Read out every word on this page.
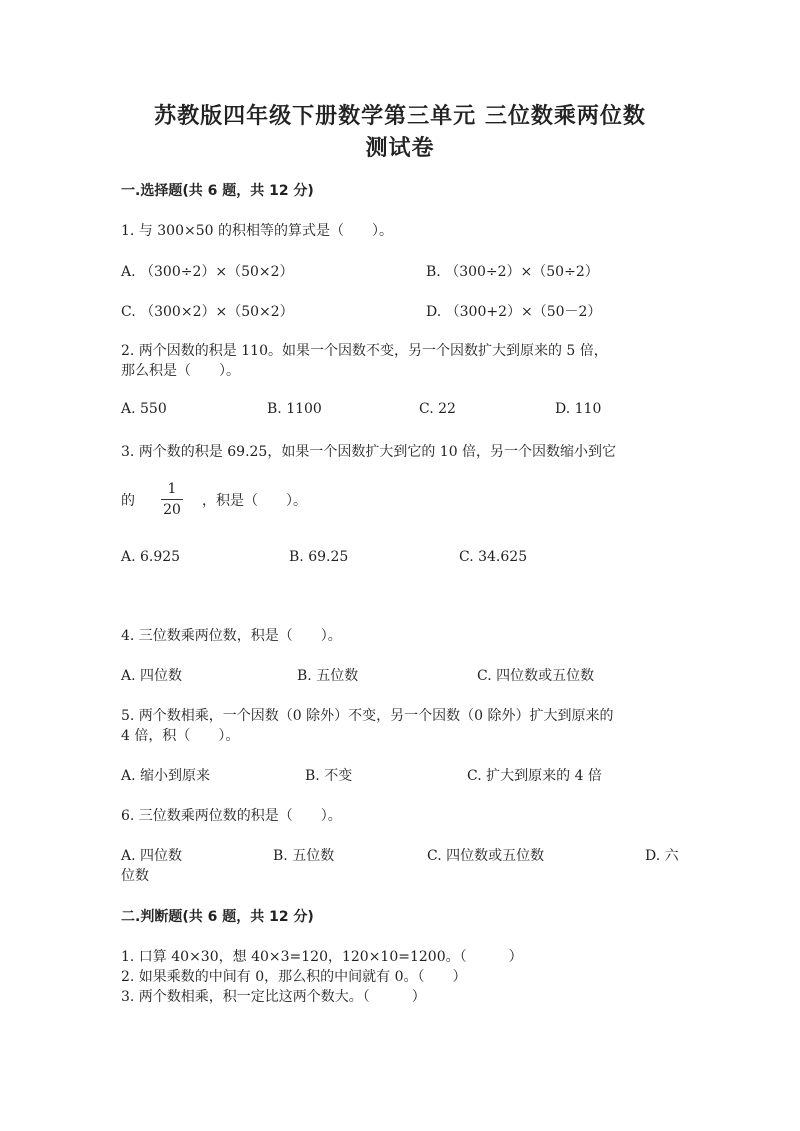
苏教版四年级下册数学第三单元 三位数乘两位数
测试卷
一.选择题(共 6 题，共 12 分)
1. 与 300×50 的积相等的算式是（　　）。
A. （300÷2）×（50×2）	B. （300÷2）×（50÷2）
C. （300×2）×（50×2）	D. （300+2）×（50－2）
2. 两个因数的积是 110。如果一个因数不变，另一个因数扩大到原来的 5 倍，
那么积是（　　）。
A. 550	B. 1100	C. 22	D. 110
3. 两个数的积是 69.25，如果一个因数扩大到它的 10 倍，另一个因数缩小到它
的
1
20
，积是（　　）。
A. 6.925	B. 69.25	C. 34.625
4. 三位数乘两位数，积是（　　）。
A. 四位数	B. 五位数	C. 四位数或五位数
5. 两个数相乘，一个因数（0 除外）不变，另一个因数（0 除外）扩大到原来的
4 倍，积（　　）。
A. 缩小到原来	B. 不变	C. 扩大到原来的 4 倍
6. 三位数乘两位数的积是（　　）。
A. 四位数	B. 五位数	C. 四位数或五位数	D. 六
位数
二.判断题(共 6 题，共 12 分)
1. 口算 40×30，想 40×3=120，120×10=1200。（　　　）
2. 如果乘数的中间有 0，那么积的中间就有 0。（　　）
3. 两个数相乘，积一定比这两个数大。（　　　）
